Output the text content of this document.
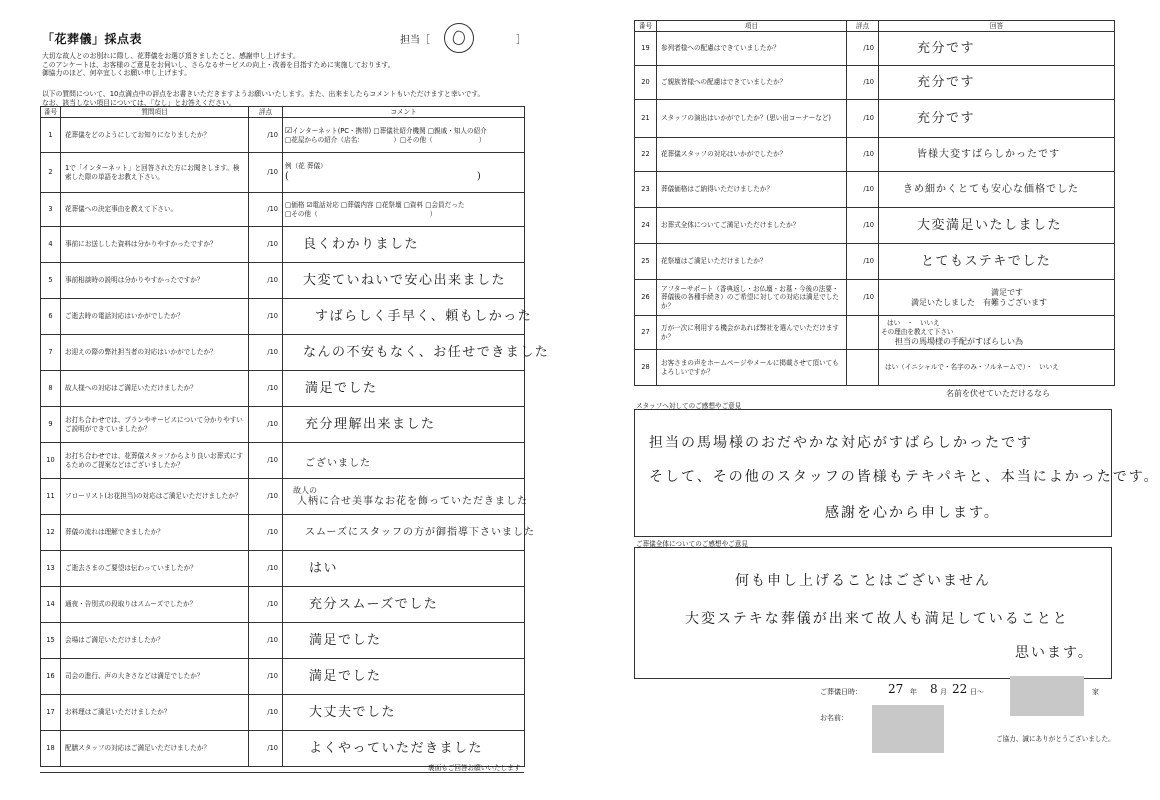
「花葬儀」採点表	担当［	］
大切な故人とのお別れに際し、花葬儀をお選び頂きましたこと、感謝申し上げます。
このアンケートは、お客様のご意見をお伺いし、さらなるサービスの向上・改善を目指すために実施しております。
御協力のほど、何卒宜しくお願い申し上げます。
以下の質問について、10点満点中の評点をお書きいただきますようお願いいたします。また、出来ましたらコメントもいただけますと幸いです。
なお、該当しない項目については、「なし」とお答えください。
番号	質問項目	評点	コメント
1	花葬儀をどのようにしてお知りになりましたか？	/10	☑インターネット(PC・携帯) □葬儀社紹介機関 □親戚・知人の紹介
□花屋からの紹介（店名：　　　　　）□その他（　　　　　　　）

2	1で「インターネット」と回答された方にお聞きします。検索した際の単語をお教え下さい。	/10	例（花 葬儀）
(　　　　　　　　　　　　　　　　　)

3	花葬儀への決定事由を教えて下さい。	/10	□価格 ☑電話対応 □葬儀内容 □花祭壇 □資料 □会員だった
□その他（　　　　　　　　　　　　　　　　　）

4	事前にお送しした資料は分かりやすかったですか？	/10	良くわかりました

5	事前相談時の説明は分かりやすかったですか？	/10	大変ていねいで安心出来ました

6	ご逝去時の電話対応はいかがでしたか？	/10	すばらしく手早く、頼もしかった

7	お迎えの際の弊社担当者の対応はいかがでしたか？	/10	なんの不安もなく、お任せできました

8	故人様への対応はご満足いただけましたか？	/10	満足でした

9	お打ち合わせでは、プランやサービスについて分かりやすいご説明ができていましたか？	/10	充分理解出来ました

10	お打ち合わせでは、花葬儀スタッフからより良いお葬式にするためのご提案などはございましたか？	/10	ございました

11	フローリスト(お花担当)の対応はご満足いただけましたか？	/10	故人の
人柄に合せ美事なお花を飾っていただきました

12	葬儀の流れは理解できましたか？	/10	スムーズにスタッフの方が御指導下さいました

13	ご逝去さまのご要望は伝わっていましたか？	/10	はい

14	通夜・告別式の段取りはスムーズでしたか？	/10	充分スムーズでした

15	会場はご満足いただけましたか？	/10	満足でした

16	司会の進行、声の大きさなどは満足でしたか？	/10	満足でした

17	お料理はご満足いただけましたか？	/10	大丈夫でした

18	配膳スタッフの対応はご満足いただけましたか？	/10	よくやっていただきました
裏面もご回答お願いいたします
番号	項目	評点	回答
19	参列者様への配慮はできていましたか？	/10	充分です

20	ご親族皆様への配慮はできていましたか？	/10	充分です

21	スタッフの演出はいかがでしたか？(思い出コーナーなど)	/10	充分です

22	花葬儀スタッフの対応はいかがでしたか？	/10	皆様大変すばらしかったです

23	葬儀価格はご納得いただけましたか？	/10	きめ細かくとても安心な価格でした

24	お葬式全体についてご満足いただけましたか？	/10	大変満足いたしました

25	花祭壇はご満足いただけましたか？	/10	とてもステキでした

26	アフターサポート（香典返し・お仏壇・お墓・今後の法要・葬儀後の各種手続き）のご希望に対しての対応は満足でしたか？	/10	満足です
満足いたしました　有難うございます

27	万が一次に利用する機会があれば弊社を選んでいただけますか？		はい　・　いいえ
その理由を教えて下さい
担当の馬場様の手配がすばらしい為

28	お客さまの声をホームページやメールに掲載させて頂いてもよろしいですか？		はい（イニシャルで・名字のみ・フルネームで）・　いいえ
名前を伏せていただけるなら
スタッフへ対してのご感想やご意見
担当の馬場様のおだやかな対応がすばらしかったです
そして、その他のスタッフの皆様もテキパキと、本当によかったです。
感謝を心から申します。
ご葬儀全体についてのご感想やご意見
何も申し上げることはございません
大変ステキな葬儀が出来て故人も満足していることと
思います。
ご葬儀日時： 27 年 8 月 22 日〜	家
お名前：
ご協力、誠にありがとうございました。
